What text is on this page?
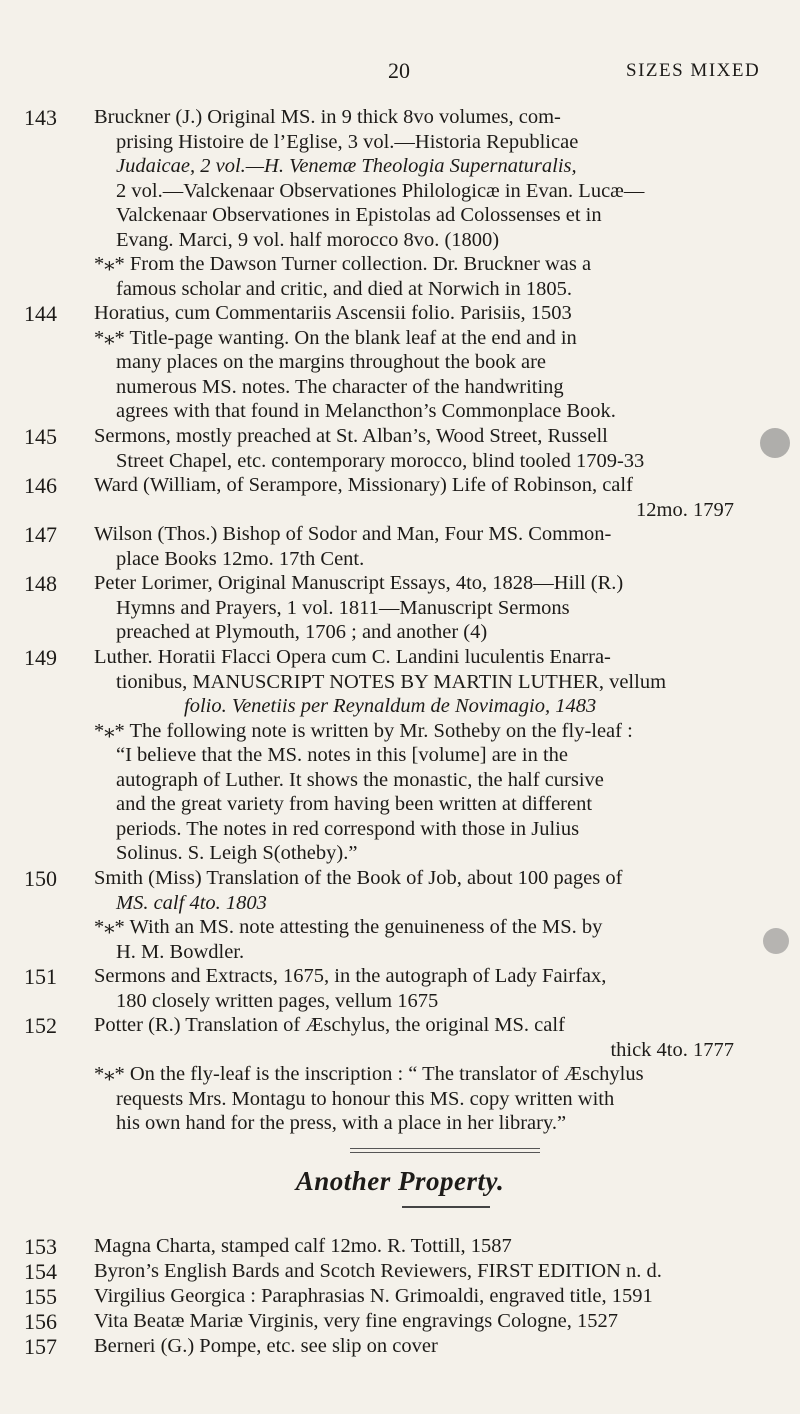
20	SIZES MIXED
143 Bruckner (J.) Original MS. in 9 thick 8vo volumes, com-
prising Histoire de l’Eglise, 3 vol.—Historia Republicae
Judaicae, 2 vol.—H. Venemæ Theologia Supernaturalis,
2 vol.—Valckenaar Observationes Philologicæ in Evan. Lucæ—
Valckenaar Observationes in Epistolas ad Colossenses et in
Evang. Marci, 9 vol. half morocco 8vo. (1800)
*⁎* From the Dawson Turner collection. Dr. Bruckner was a
famous scholar and critic, and died at Norwich in 1805.
144 Horatius, cum Commentariis Ascensii folio. Parisiis, 1503
*⁎* Title-page wanting. On the blank leaf at the end and in
many places on the margins throughout the book are
numerous MS. notes. The character of the handwriting
agrees with that found in Melancthon’s Commonplace Book.
145 Sermons, mostly preached at St. Alban’s, Wood Street, Russell
Street Chapel, etc. contemporary morocco, blind tooled 1709-33
146 Ward (William, of Serampore, Missionary) Life of Robinson, calf
12mo. 1797
147 Wilson (Thos.) Bishop of Sodor and Man, Four MS. Common-
place Books 12mo. 17th Cent.
148 Peter Lorimer, Original Manuscript Essays, 4to, 1828—Hill (R.)
Hymns and Prayers, 1 vol. 1811—Manuscript Sermons
preached at Plymouth, 1706 ; and another (4)
149 Luther. Horatii Flacci Opera cum C. Landini luculentis Enarra-
tionibus, MANUSCRIPT NOTES BY MARTIN LUTHER, vellum
folio. Venetiis per Reynaldum de Novimagio, 1483
*⁎* The following note is written by Mr. Sotheby on the fly-leaf :
“I believe that the MS. notes in this [volume] are in the
autograph of Luther. It shows the monastic, the half cursive
and the great variety from having been written at different
periods. The notes in red correspond with those in Julius
Solinus. S. Leigh S(otheby).”
150 Smith (Miss) Translation of the Book of Job, about 100 pages of
MS. calf 4to. 1803
*⁎* With an MS. note attesting the genuineness of the MS. by
H. M. Bowdler.
151 Sermons and Extracts, 1675, in the autograph of Lady Fairfax,
180 closely written pages, vellum 1675
152 Potter (R.) Translation of Æschylus, the original MS. calf
thick 4to. 1777
*⁎* On the fly-leaf is the inscription : “ The translator of Æschylus
requests Mrs. Montagu to honour this MS. copy written with
his own hand for the press, with a place in her library.”
Another Property.
153 Magna Charta, stamped calf 12mo. R. Tottill, 1587
154 Byron’s English Bards and Scotch Reviewers, FIRST EDITION n. d.
155 Virgilius Georgica : Paraphrasias N. Grimoaldi, engraved title, 1591
156 Vita Beatæ Mariæ Virginis, very fine engravings Cologne, 1527
157 Berneri (G.) Pompe, etc. see slip on cover
